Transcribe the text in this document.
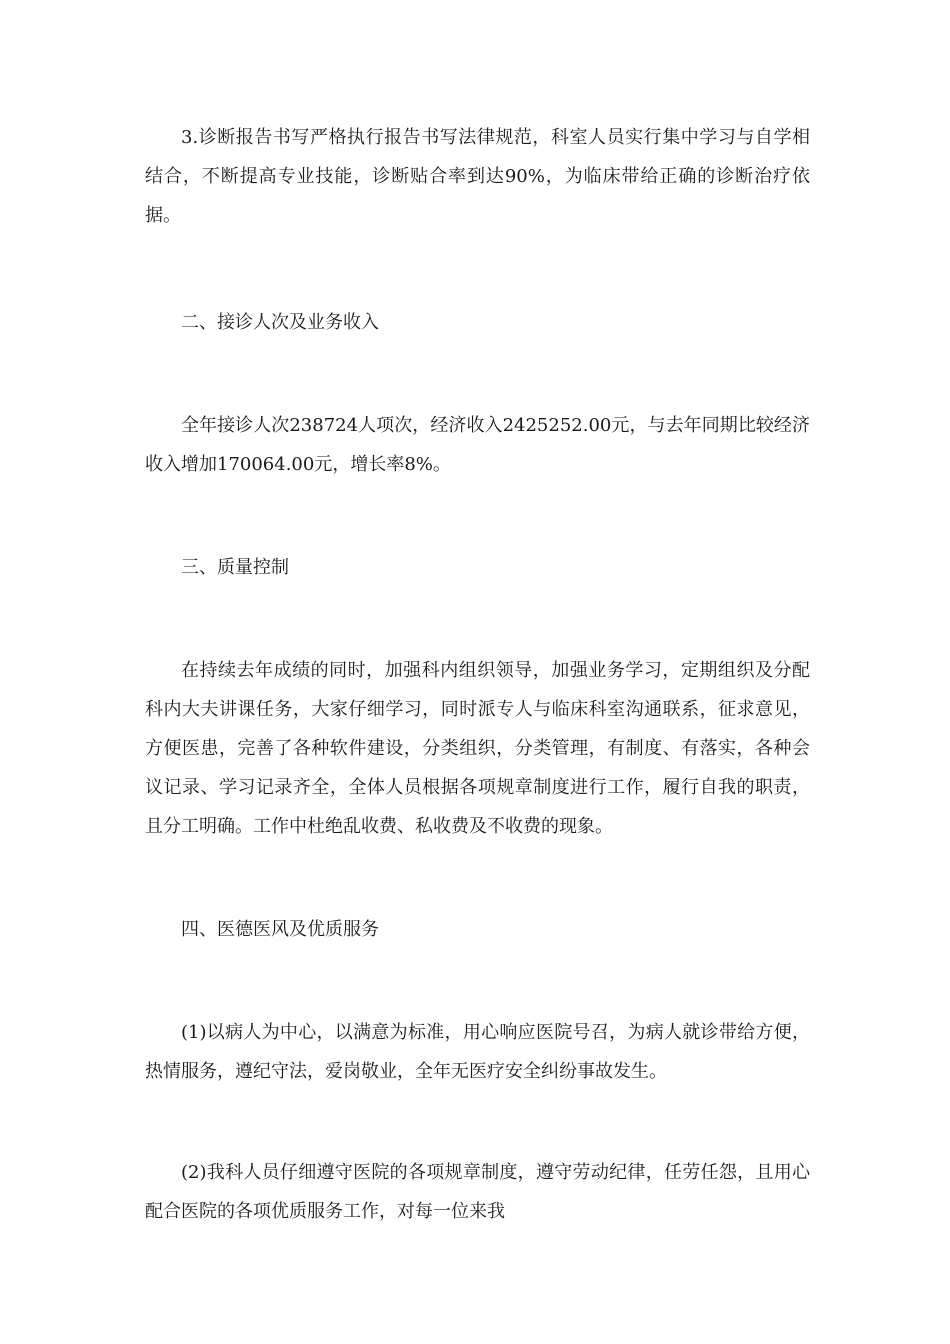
3.诊断报告书写严格执行报告书写法律规范，科室人员实行集中学习与自学相结合，不断提高专业技能，诊断贴合率到达90%，为临床带给正确的诊断治疗依据。

二、接诊人次及业务收入

全年接诊人次238724人项次，经济收入2425252.00元，与去年同期比较经济收入增加170064.00元，增长率8%。

三、质量控制

在持续去年成绩的同时，加强科内组织领导，加强业务学习，定期组织及分配科内大夫讲课任务，大家仔细学习，同时派专人与临床科室沟通联系，征求意见，方便医患，完善了各种软件建设，分类组织，分类管理，有制度、有落实，各种会议记录、学习记录齐全，全体人员根据各项规章制度进行工作，履行自我的职责，且分工明确。工作中杜绝乱收费、私收费及不收费的现象。

四、医德医风及优质服务

(1)以病人为中心，以满意为标准，用心响应医院号召，为病人就诊带给方便，热情服务，遵纪守法，爱岗敬业，全年无医疗安全纠纷事故发生。

(2)我科人员仔细遵守医院的各项规章制度，遵守劳动纪律，任劳任怨，且用心配合医院的各项优质服务工作，对每一位来我
